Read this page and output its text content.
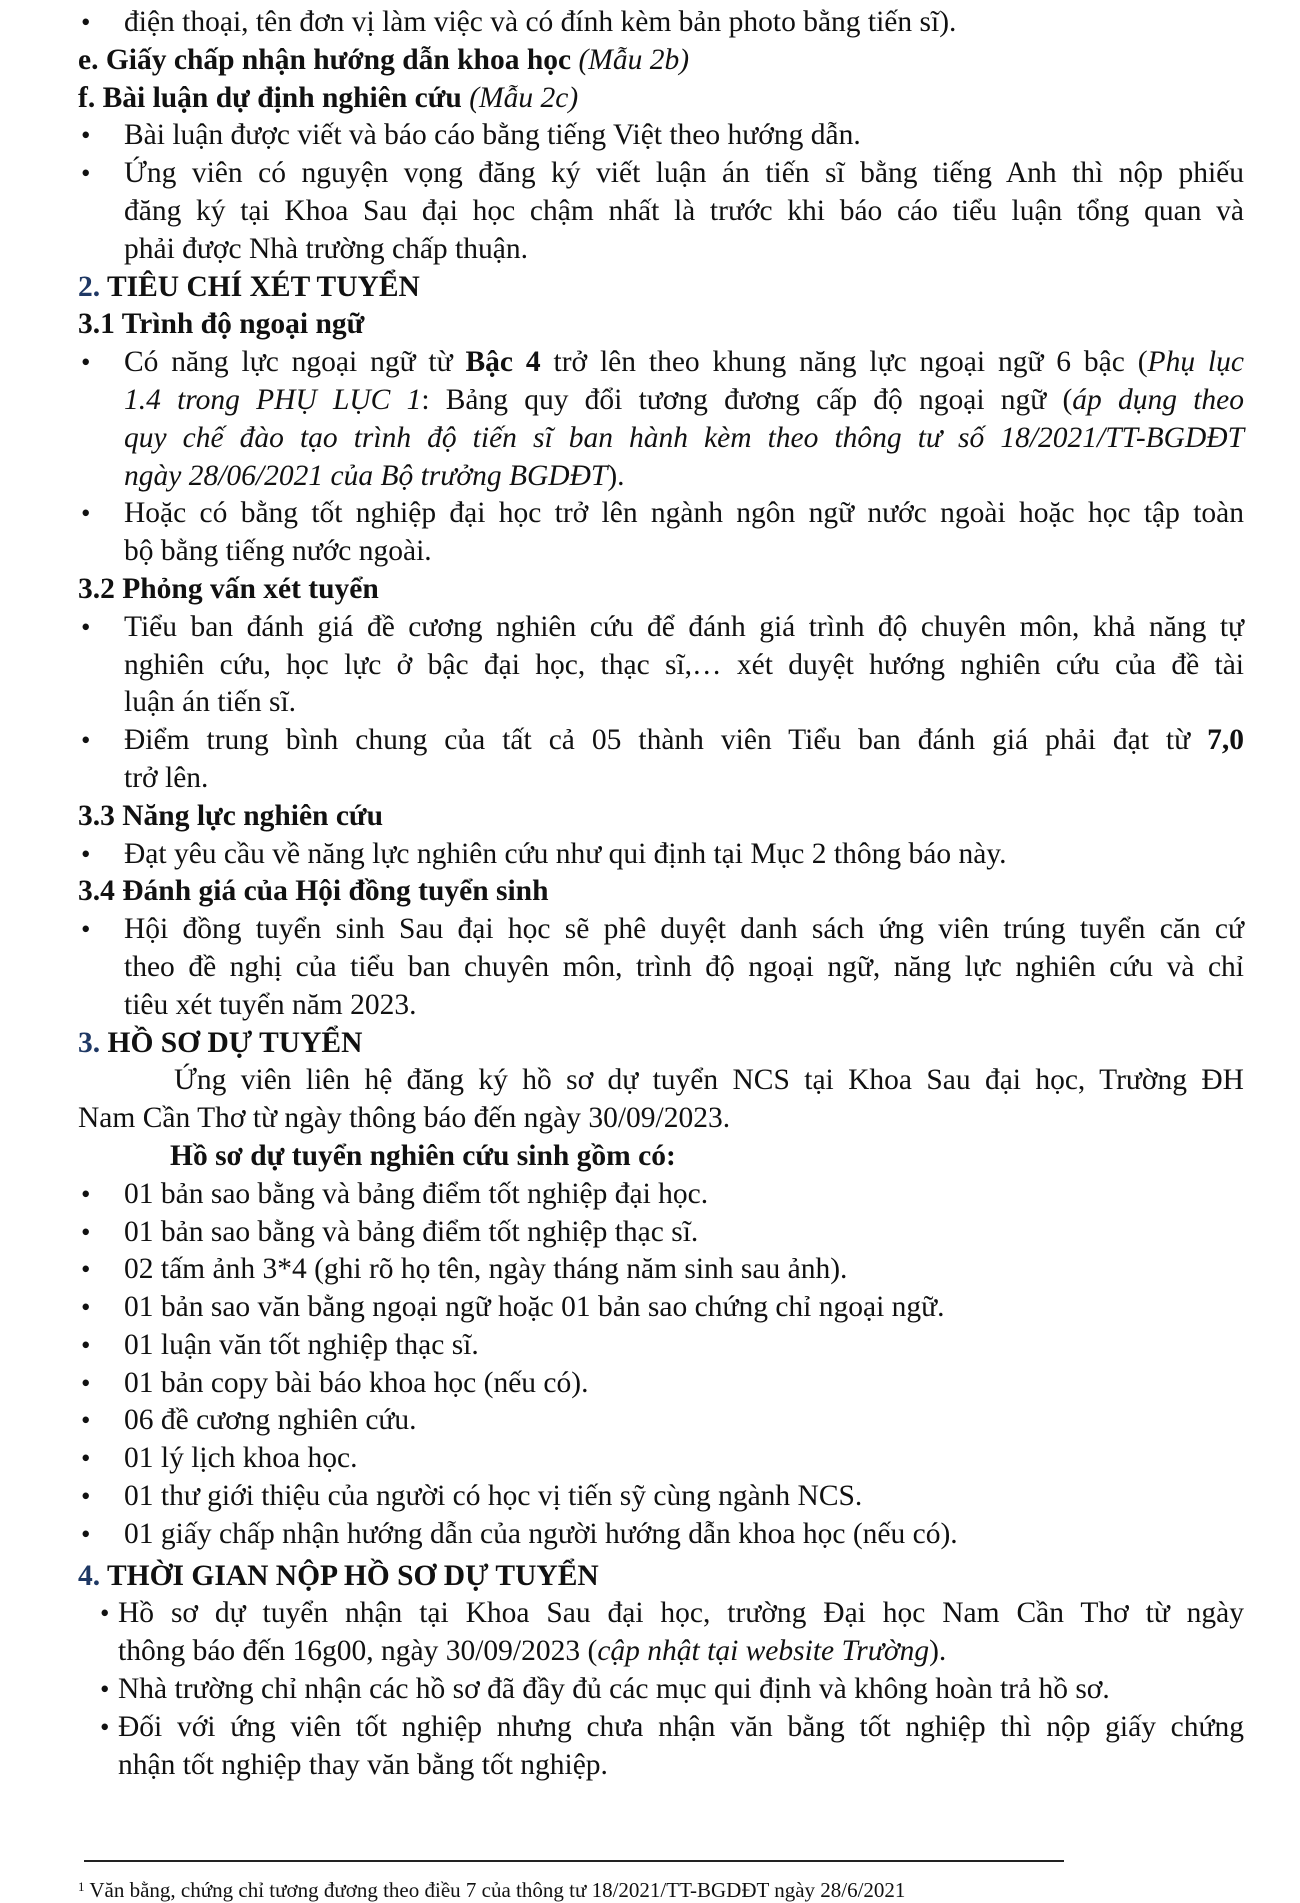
• điện thoại, tên đơn vị làm việc và có đính kèm bản photo bằng tiến sĩ).
e. Giấy chấp nhận hướng dẫn khoa học (Mẫu 2b)
f. Bài luận dự định nghiên cứu (Mẫu 2c)
• Bài luận được viết và báo cáo bằng tiếng Việt theo hướng dẫn.
• Ứng viên có nguyện vọng đăng ký viết luận án tiến sĩ bằng tiếng Anh thì nộp phiếu
đăng ký tại Khoa Sau đại học chậm nhất là trước khi báo cáo tiểu luận tổng quan và
phải được Nhà trường chấp thuận.
2. TIÊU CHÍ XÉT TUYỂN
3.1 Trình độ ngoại ngữ
• Có năng lực ngoại ngữ từ Bậc 4 trở lên theo khung năng lực ngoại ngữ 6 bậc (Phụ lục
1.4 trong PHỤ LỤC 1: Bảng quy đổi tương đương cấp độ ngoại ngữ (áp dụng theo
quy chế đào tạo trình độ tiến sĩ ban hành kèm theo thông tư số 18/2021/TT-BGDĐT
ngày 28/06/2021 của Bộ trưởng BGDĐT).
• Hoặc có bằng tốt nghiệp đại học trở lên ngành ngôn ngữ nước ngoài hoặc học tập toàn
bộ bằng tiếng nước ngoài.
3.2 Phỏng vấn xét tuyển
• Tiểu ban đánh giá đề cương nghiên cứu để đánh giá trình độ chuyên môn, khả năng tự
nghiên cứu, học lực ở bậc đại học, thạc sĩ,… xét duyệt hướng nghiên cứu của đề tài
luận án tiến sĩ.
• Điểm trung bình chung của tất cả 05 thành viên Tiểu ban đánh giá phải đạt từ 7,0
trở lên.
3.3 Năng lực nghiên cứu
• Đạt yêu cầu về năng lực nghiên cứu như qui định tại Mục 2 thông báo này.
3.4 Đánh giá của Hội đồng tuyển sinh
• Hội đồng tuyển sinh Sau đại học sẽ phê duyệt danh sách ứng viên trúng tuyển căn cứ
theo đề nghị của tiểu ban chuyên môn, trình độ ngoại ngữ, năng lực nghiên cứu và chỉ
tiêu xét tuyển năm 2023.
3. HỒ SƠ DỰ TUYỂN
Ứng viên liên hệ đăng ký hồ sơ dự tuyển NCS tại Khoa Sau đại học, Trường ĐH
Nam Cần Thơ từ ngày thông báo đến ngày 30/09/2023.
Hồ sơ dự tuyển nghiên cứu sinh gồm có:
• 01 bản sao bằng và bảng điểm tốt nghiệp đại học.
• 01 bản sao bằng và bảng điểm tốt nghiệp thạc sĩ.
• 02 tấm ảnh 3*4 (ghi rõ họ tên, ngày tháng năm sinh sau ảnh).
• 01 bản sao văn bằng ngoại ngữ hoặc 01 bản sao chứng chỉ ngoại ngữ.
• 01 luận văn tốt nghiệp thạc sĩ.
• 01 bản copy bài báo khoa học (nếu có).
• 06 đề cương nghiên cứu.
• 01 lý lịch khoa học.
• 01 thư giới thiệu của người có học vị tiến sỹ cùng ngành NCS.
• 01 giấy chấp nhận hướng dẫn của người hướng dẫn khoa học (nếu có).
4. THỜI GIAN NỘP HỒ SƠ DỰ TUYỂN
• Hồ sơ dự tuyển nhận tại Khoa Sau đại học, trường Đại học Nam Cần Thơ từ ngày
thông báo đến 16g00, ngày 30/09/2023 (cập nhật tại website Trường).
• Nhà trường chỉ nhận các hồ sơ đã đầy đủ các mục qui định và không hoàn trả hồ sơ.
• Đối với ứng viên tốt nghiệp nhưng chưa nhận văn bằng tốt nghiệp thì nộp giấy chứng
nhận tốt nghiệp thay văn bằng tốt nghiệp.
$^1$ Văn bằng, chứng chỉ tương đương theo điều 7 của thông tư 18/2021/TT-BGDĐT ngày 28/6/2021
